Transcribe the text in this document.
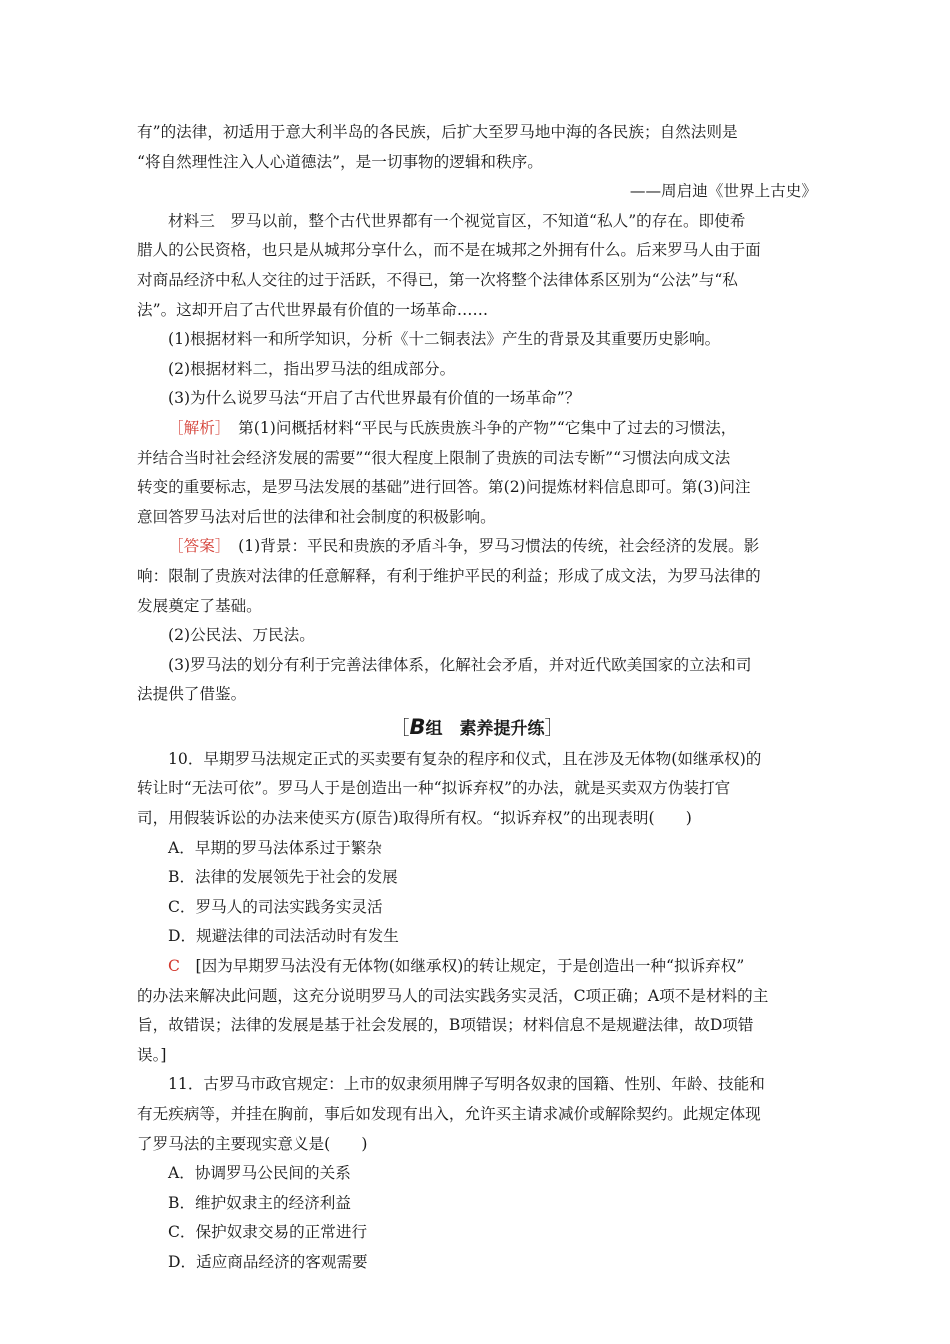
有”的法律，初适用于意大利半岛的各民族，后扩大至罗马地中海的各民族；自然法则是
“将自然理性注入人心道德法”，是一切事物的逻辑和秩序。
——周启迪《世界上古史》
材料三　罗马以前，整个古代世界都有一个视觉盲区，不知道“私人”的存在。即使希
腊人的公民资格，也只是从城邦分享什么，而不是在城邦之外拥有什么。后来罗马人由于面
对商品经济中私人交往的过于活跃，不得已，第一次将整个法律体系区别为“公法”与“私
法”。这却开启了古代世界最有价值的一场革命……
(1)根据材料一和所学知识，分析《十二铜表法》产生的背景及其重要历史影响。
(2)根据材料二，指出罗马法的组成部分。
(3)为什么说罗马法“开启了古代世界最有价值的一场革命”？
［解析］　第(1)问概括材料“平民与氏族贵族斗争的产物”“它集中了过去的习惯法，
并结合当时社会经济发展的需要”“很大程度上限制了贵族的司法专断”“习惯法向成文法
转变的重要标志，是罗马法发展的基础”进行回答。第(2)问提炼材料信息即可。第(3)问注
意回答罗马法对后世的法律和社会制度的积极影响。
［答案］　(1)背景：平民和贵族的矛盾斗争，罗马习惯法的传统，社会经济的发展。影
响：限制了贵族对法律的任意解释，有利于维护平民的利益；形成了成文法，为罗马法律的
发展奠定了基础。
(2)公民法、万民法。
(3)罗马法的划分有利于完善法律体系，化解社会矛盾，并对近代欧美国家的立法和司
法提供了借鉴。
［B组　素养提升练］
10．早期罗马法规定正式的买卖要有复杂的程序和仪式，且在涉及无体物(如继承权)的
转让时“无法可依”。罗马人于是创造出一种“拟诉弃权”的办法，就是买卖双方伪装打官
司，用假装诉讼的办法来使买方(原告)取得所有权。“拟诉弃权”的出现表明(　　)
A．早期的罗马法体系过于繁杂
B．法律的发展领先于社会的发展
C．罗马人的司法实践务实灵活
D．规避法律的司法活动时有发生
C　[因为早期罗马法没有无体物(如继承权)的转让规定，于是创造出一种“拟诉弃权”
的办法来解决此问题，这充分说明罗马人的司法实践务实灵活，C项正确；A项不是材料的主
旨，故错误；法律的发展是基于社会发展的，B项错误；材料信息不是规避法律，故D项错
误。]
11．古罗马市政官规定：上市的奴隶须用牌子写明各奴隶的国籍、性别、年龄、技能和
有无疾病等，并挂在胸前，事后如发现有出入，允许买主请求减价或解除契约。此规定体现
了罗马法的主要现实意义是(　　)
A．协调罗马公民间的关系
B．维护奴隶主的经济利益
C．保护奴隶交易的正常进行
D．适应商品经济的客观需要
